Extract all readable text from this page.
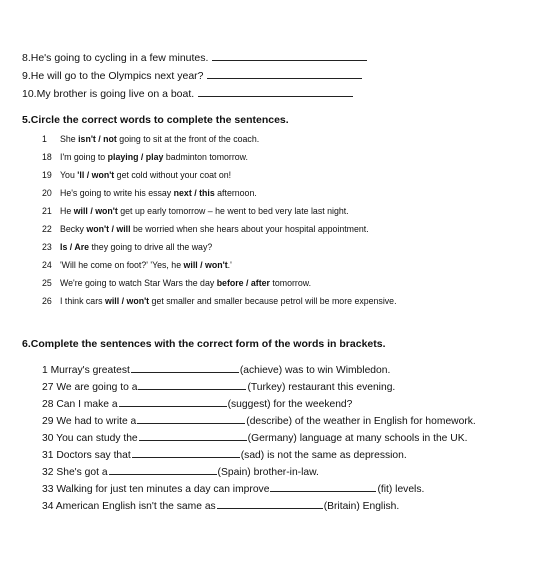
8.He's going to cycling in a few minutes.
9.He will go to the Olympics next year?
10.My brother is going live on a boat.
5.Circle the correct words to complete the sentences.
1 She isn't / not going to sit at the front of the coach.
18 I'm going to playing / play badminton tomorrow.
19 You 'll / won't get cold without your coat on!
20 He's going to write his essay next / this afternoon.
21 He will / won't get up early tomorrow – he went to bed very late last night.
22 Becky won't / will be worried when she hears about your hospital appointment.
23 Is / Are they going to drive all the way?
24 'Will he come on foot?' 'Yes, he will / won't.'
25 We're going to watch Star Wars the day before / after tomorrow.
26 I think cars will / won't get smaller and smaller because petrol will be more expensive.
6.Complete the sentences with the correct form of the words in brackets.
1 Murray's greatest	(achieve) was to win Wimbledon.
27 We are going to a	(Turkey) restaurant this evening.
28 Can I make a	(suggest) for the weekend?
29 We had to write a	(describe) of the weather in English for homework.
30 You can study the	(Germany) language at many schools in the UK.
31 Doctors say that	(sad) is not the same as depression.
32 She's got a	(Spain) brother-in-law.
33 Walking for just ten minutes a day can improve	(fit) levels.
34 American English isn't the same as	(Britain) English.
